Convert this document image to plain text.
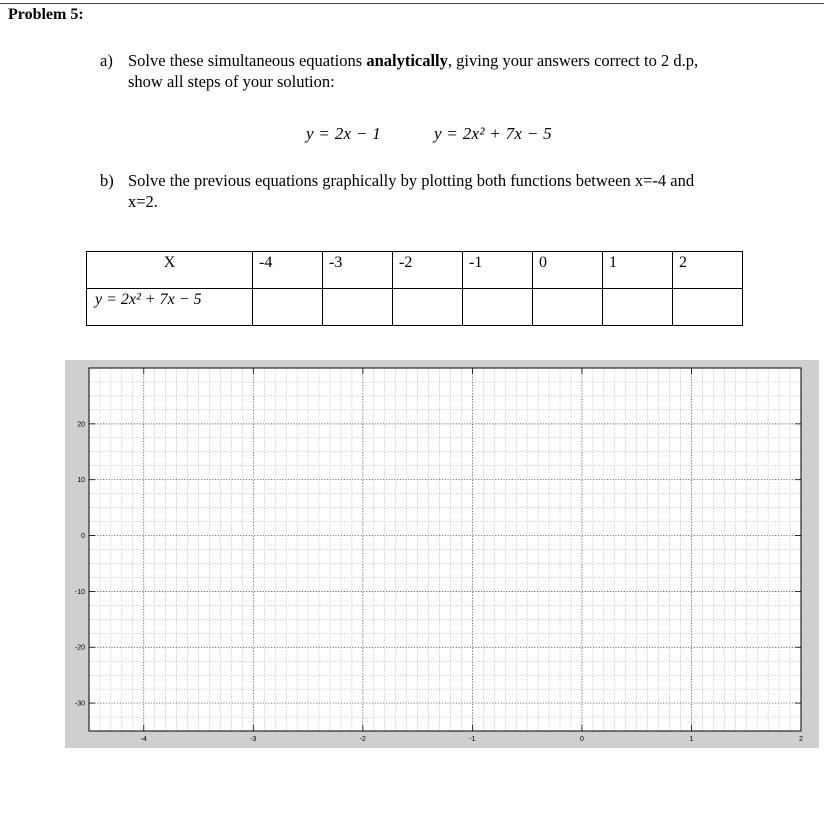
Problem 5:
a) Solve these simultaneous equations analytically, giving your answers correct to 2 d.p,
show all steps of your solution:
y = 2x − 1	y = 2x² + 7x − 5
b) Solve the previous equations graphically by plotting both functions between x=-4 and
x=2.
X	-4	-3	-2	-1	0	1	2
y = 2x² + 7x − 5							
-4	-3	-2	-1	0	1	2
20
10
0
-10
-20
-30
